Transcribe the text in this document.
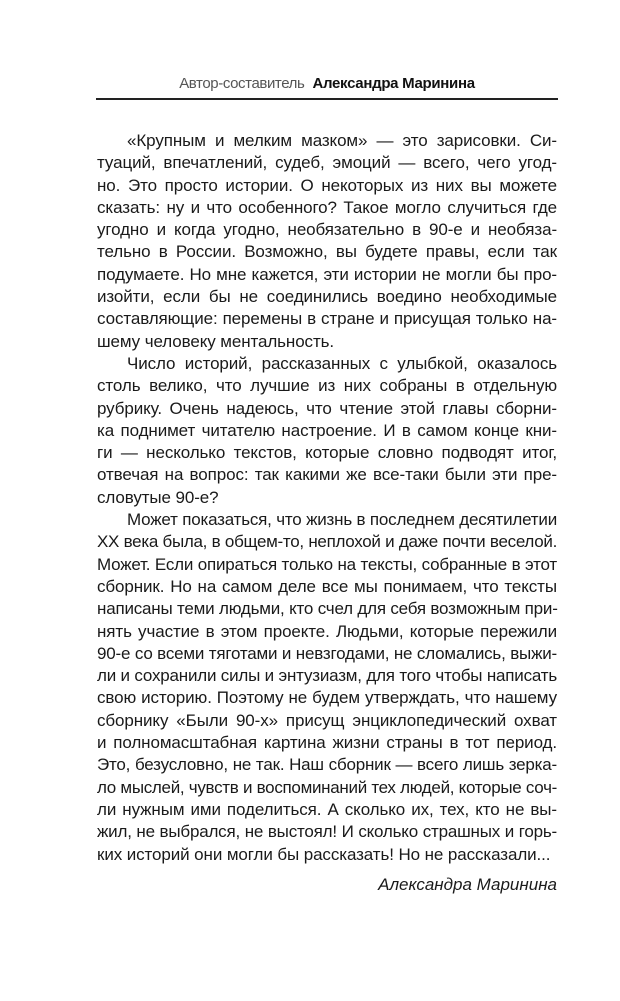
Автор-составитель Александра Маринина
«Крупным и мелким мазком» — это зарисовки. Си-
туаций, впечатлений, судеб, эмоций — всего, чего угод-
но. Это просто истории. О некоторых из них вы можете
сказать: ну и что особенного? Такое могло случиться где
угодно и когда угодно, необязательно в 90-е и необяза-
тельно в России. Возможно, вы будете правы, если так
подумаете. Но мне кажется, эти истории не могли бы про-
изойти, если бы не соединились воедино необходимые
составляющие: перемены в стране и присущая только на-
шему человеку ментальность.
Число историй, рассказанных с улыбкой, оказалось
столь велико, что лучшие из них собраны в отдельную
рубрику. Очень надеюсь, что чтение этой главы сборни-
ка поднимет читателю настроение. И в самом конце кни-
ги — несколько текстов, которые словно подводят итог,
отвечая на вопрос: так какими же все-таки были эти пре-
словутые 90-е?
Может показаться, что жизнь в последнем десятилетии
XX века была, в общем-то, неплохой и даже почти веселой.
Может. Если опираться только на тексты, собранные в этот
сборник. Но на самом деле все мы понимаем, что тексты
написаны теми людьми, кто счел для себя возможным при-
нять участие в этом проекте. Людьми, которые пережили
90-е со всеми тяготами и невзгодами, не сломались, выжи-
ли и сохранили силы и энтузиазм, для того чтобы написать
свою историю. Поэтому не будем утверждать, что нашему
сборнику «Были 90-х» присущ энциклопедический охват
и полномасштабная картина жизни страны в тот период.
Это, безусловно, не так. Наш сборник — всего лишь зерка-
ло мыслей, чувств и воспоминаний тех людей, которые соч-
ли нужным ими поделиться. А сколько их, тех, кто не вы-
жил, не выбрался, не выстоял! И сколько страшных и горь-
ких историй они могли бы рассказать! Но не рассказали...
Александра Маринина
